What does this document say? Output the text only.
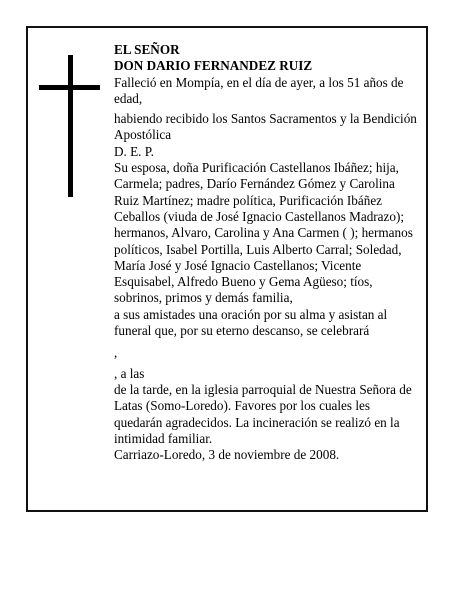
EL SEÑOR
DON DARIO FERNANDEZ RUIZ
Falleció en Mompía, en el día de ayer, a los 51 años de edad,
habiendo recibido los Santos Sacramentos y la Bendición Apostólica
D. E. P.
Su esposa, doña Purificación Castellanos Ibáñez; hija, Carmela; padres, Darío Fernández Gómez y Carolina Ruiz Martínez; madre política, Purificación Ibáñez Ceballos (viuda de José Ignacio Castellanos Madrazo); hermanos, Alvaro, Carolina y Ana Carmen ( ); hermanos políticos, Isabel Portilla, Luis Alberto Carral; Soledad, María José y José Ignacio Castellanos; Vicente Esquisabel, Alfredo Bueno y Gema Agüeso; tíos, sobrinos, primos y demás familia,
a sus amistades una oración por su alma y asistan al funeral que, por su eterno descanso, se celebrará
,
, a las
de la tarde, en la iglesia parroquial de Nuestra Señora de Latas (Somo-Loredo). Favores por los cuales les quedarán agradecidos. La incineración se realizó en la intimidad familiar.
Carriazo-Loredo, 3 de noviembre de 2008.
